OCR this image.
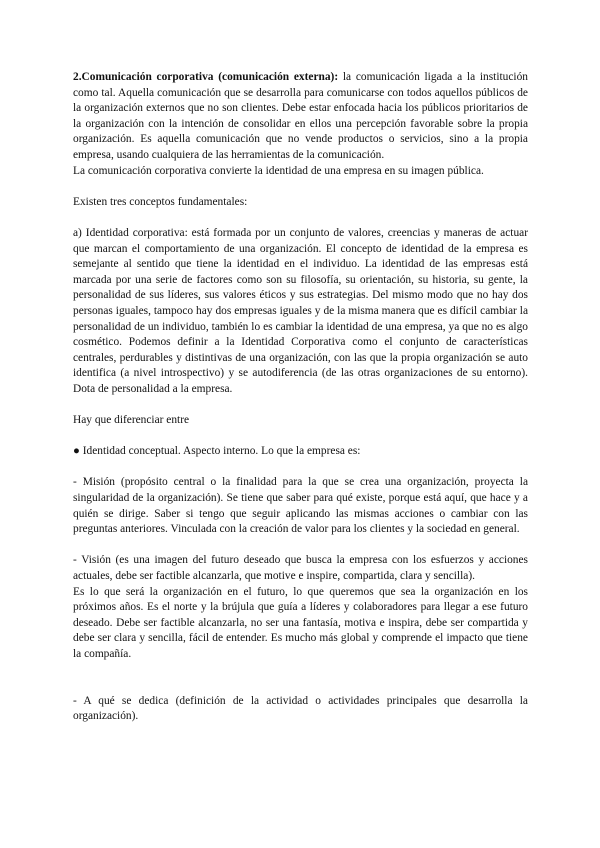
2.Comunicación corporativa (comunicación externa): la comunicación ligada a la institución como tal. Aquella comunicación que se desarrolla para comunicarse con todos aquellos públicos de la organización externos que no son clientes. Debe estar enfocada hacia los públicos prioritarios de la organización con la intención de consolidar en ellos una percepción favorable sobre la propia organización. Es aquella comunicación que no vende productos o servicios, sino a la propia empresa, usando cualquiera de las herramientas de la comunicación.

La comunicación corporativa convierte la identidad de una empresa en su imagen pública.

Existen tres conceptos fundamentales:

a) Identidad corporativa: está formada por un conjunto de valores, creencias y maneras de actuar que marcan el comportamiento de una organización. El concepto de identidad de la empresa es semejante al sentido que tiene la identidad en el individuo. La identidad de las empresas está marcada por una serie de factores como son su filosofía, su orientación, su historia, su gente, la personalidad de sus líderes, sus valores éticos y sus estrategias. Del mismo modo que no hay dos personas iguales, tampoco hay dos empresas iguales y de la misma manera que es difícil cambiar la personalidad de un individuo, también lo es cambiar la identidad de una empresa, ya que no es algo cosmético. Podemos definir a la Identidad Corporativa como el conjunto de características centrales, perdurables y distintivas de una organización, con las que la propia organización se auto identifica (a nivel introspectivo) y se autodiferencia (de las otras organizaciones de su entorno). Dota de personalidad a la empresa.

Hay que diferenciar entre

● Identidad conceptual. Aspecto interno. Lo que la empresa es:

- Misión (propósito central o la finalidad para la que se crea una organización, proyecta la singularidad de la organización). Se tiene que saber para qué existe, porque está aquí, que hace y a quién se dirige. Saber si tengo que seguir aplicando las mismas acciones o cambiar con las preguntas anteriores. Vinculada con la creación de valor para los clientes y la sociedad en general.

- Visión (es una imagen del futuro deseado que busca la empresa con los esfuerzos y acciones actuales, debe ser factible alcanzarla, que motive e inspire, compartida, clara y sencilla).

Es lo que será la organización en el futuro, lo que queremos que sea la organización en los próximos años. Es el norte y la brújula que guía a líderes y colaboradores para llegar a ese futuro deseado. Debe ser factible alcanzarla, no ser una fantasía, motiva e inspira, debe ser compartida y debe ser clara y sencilla, fácil de entender. Es mucho más global y comprende el impacto que tiene la compañía.

- A qué se dedica (definición de la actividad o actividades principales que desarrolla la organización).
